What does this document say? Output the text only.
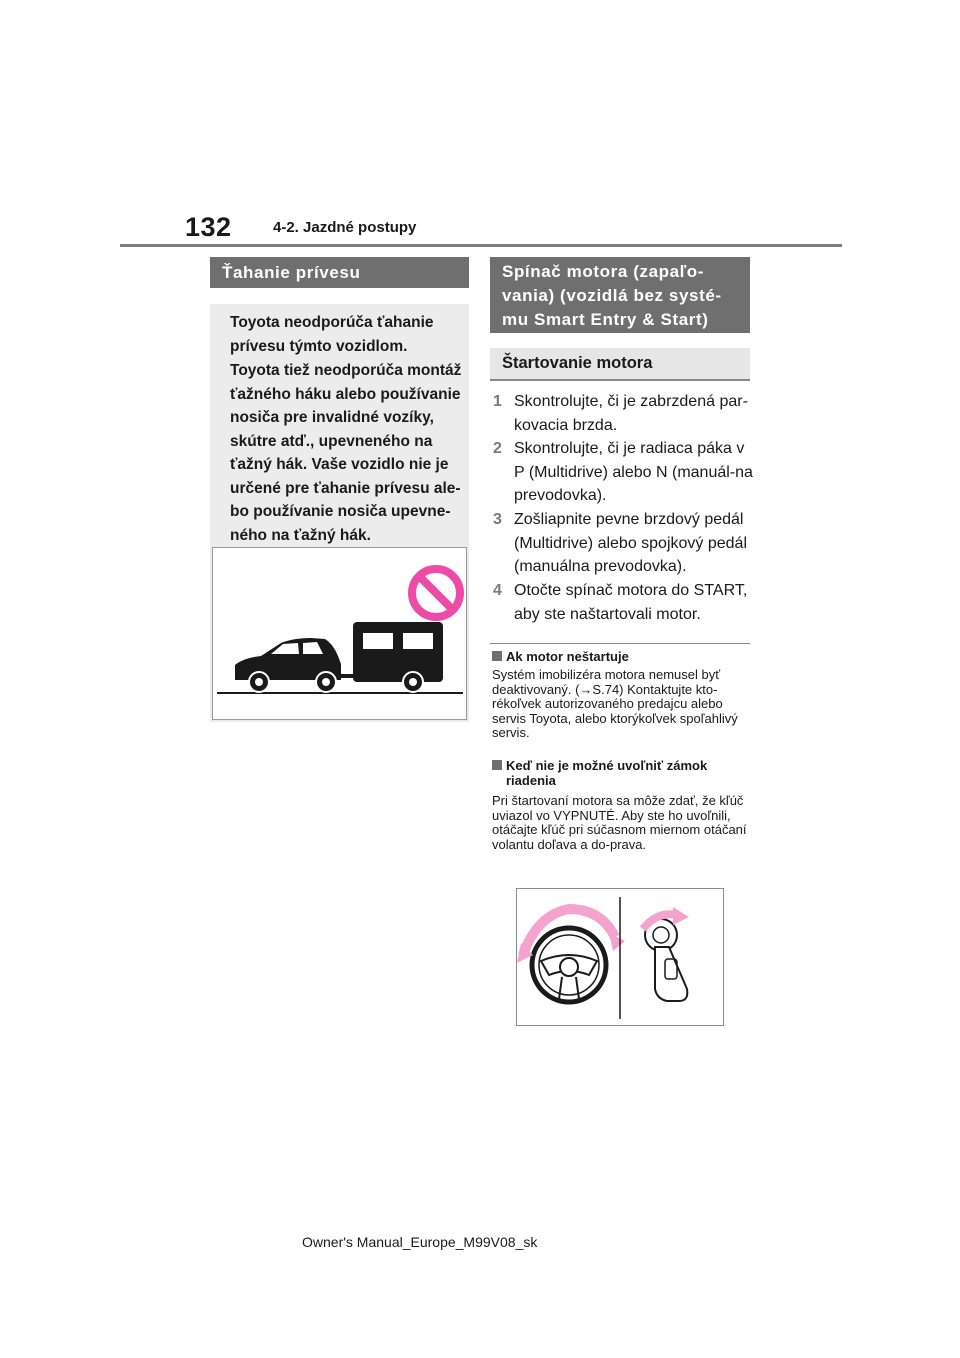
132	4-2. Jazdné postupy
Ťahanie prívesu

Toyota neodporúča ťahanie prívesu týmto vozidlom.

Toyota tiež neodporúča montáž ťažného háku alebo používanie nosiča pre invalidné vozíky, skútre atď., upevneného na ťažný hák. Vaše vozidlo nie je určené pre ťahanie prívesu ale-bo používanie nosiča upevne-ného na ťažný hák.

Spínač motora (zapaľo-vania) (vozidlá bez systé-mu Smart Entry & Start)
Štartovanie motora
1 Skontrolujte, či je zabrzdená par-kovacia brzda.
2 Skontrolujte, či je radiaca páka v P (Multidrive) alebo N (manuál-na prevodovka).
3 Zošliapnite pevne brzdový pedál (Multidrive) alebo spojkový pedál (manuálna prevodovka).
4 Otočte spínač motora do START, aby ste naštartovali motor.
Ak motor neštartuje
Systém imobilizéra motora nemusel byť deaktivovaný. (→S.74) Kontaktujte kto-rékoľvek autorizovaného predajcu alebo servis Toyota, alebo ktorýkoľvek spoľahlivý servis.
Keď nie je možné uvoľniť zámok riadenia
Pri štartovaní motora sa môže zdať, že kľúč uviazol vo VYPNUTÉ. Aby ste ho uvoľnili, otáčajte kľúč pri súčasnom miernom otáčaní volantu doľava a do-prava.
Owner's Manual_Europe_M99V08_sk
